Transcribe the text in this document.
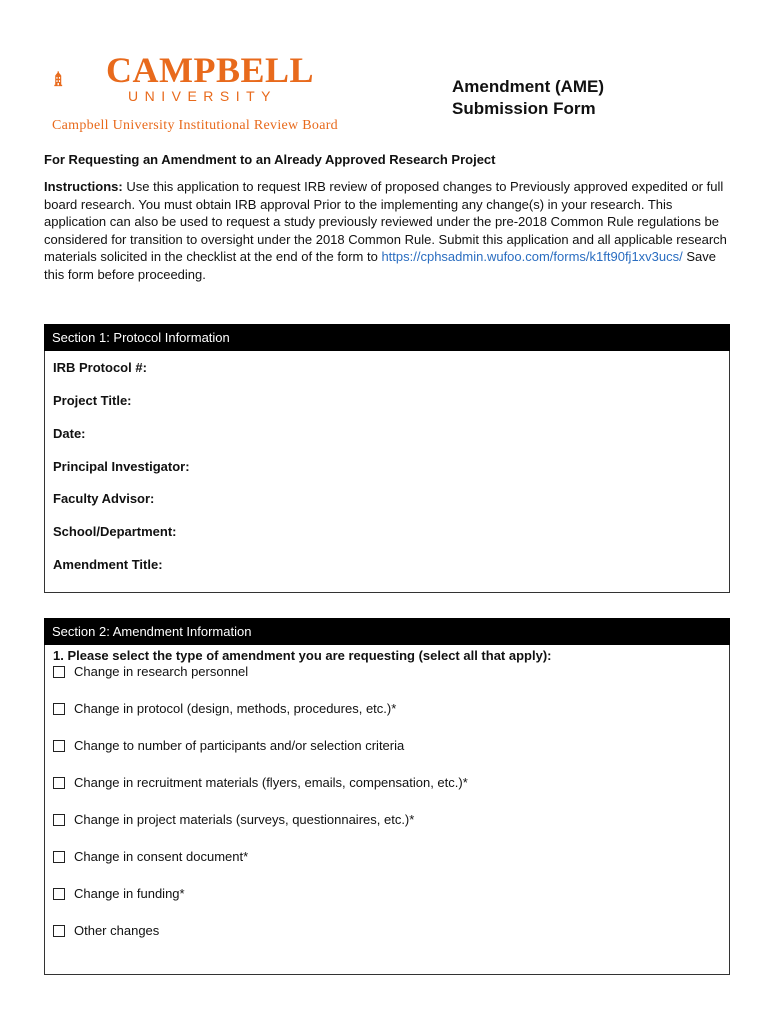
CAMPBELL
UNIVERSITY	Amendment (AME)
Submission Form
Campbell University Institutional Review Board
For Requesting an Amendment to an Already Approved Research Project
Instructions: Use this application to request IRB review of proposed changes to Previously approved expedited or full board research. You must obtain IRB approval Prior to the implementing any change(s) in your research. This application can also be used to request a study previously reviewed under the pre-2018 Common Rule regulations be considered for transition to oversight under the 2018 Common Rule. Submit this application and all applicable research materials solicited in the checklist at the end of the form to https://cphsadmin.wufoo.com/forms/k1ft90fj1xv3ucs/ Save this form before proceeding.
Section 1: Protocol Information
IRB Protocol #:
Project Title:
Date:
Principal Investigator:
Faculty Advisor:
School/Department:
Amendment Title:
Section 2: Amendment Information
1. Please select the type of amendment you are requesting (select all that apply):
Change in research personnel
Change in protocol (design, methods, procedures, etc.)*
Change to number of participants and/or selection criteria
Change in recruitment materials (flyers, emails, compensation, etc.)*
Change in project materials (surveys, questionnaires, etc.)*
Change in consent document*
Change in funding*
Other changes
